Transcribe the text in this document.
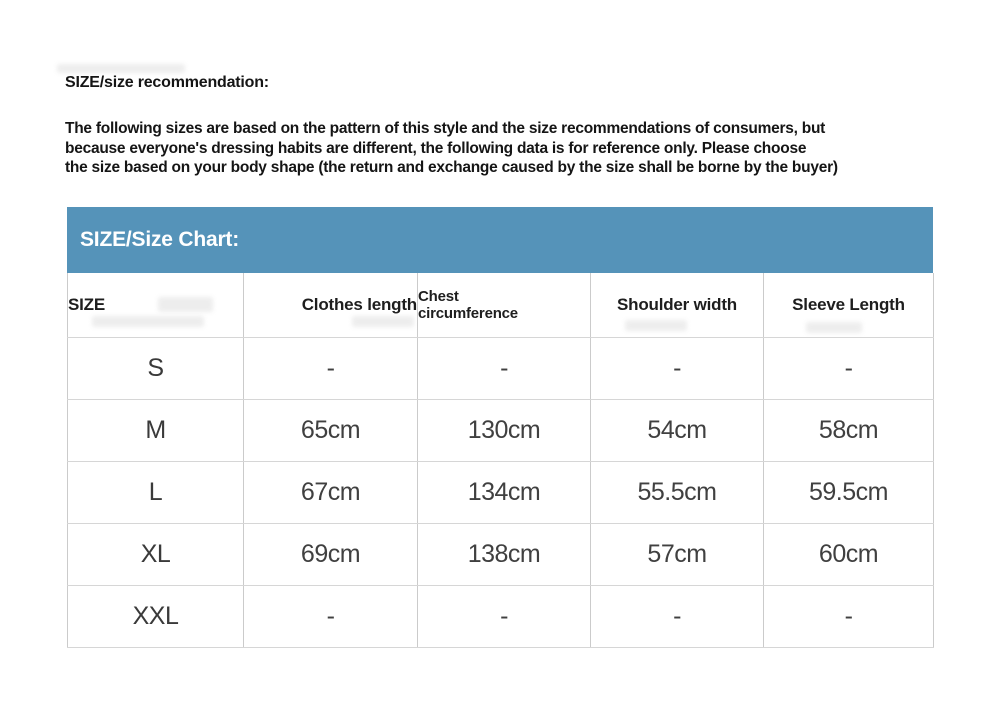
SIZE/size recommendation:
The following sizes are based on the pattern of this style and the size recommendations of consumers, but
because everyone's dressing habits are different, the following data is for reference only. Please choose
the size based on your body shape (the return and exchange caused by the size shall be borne by the buyer)
SIZE/Size Chart:
SIZE	Clothes length	Chest circumference	Shoulder width	Sleeve Length
S	-	-	-	-
M	65cm	130cm	54cm	58cm
L	67cm	134cm	55.5cm	59.5cm
XL	69cm	138cm	57cm	60cm
XXL	-	-	-	-
